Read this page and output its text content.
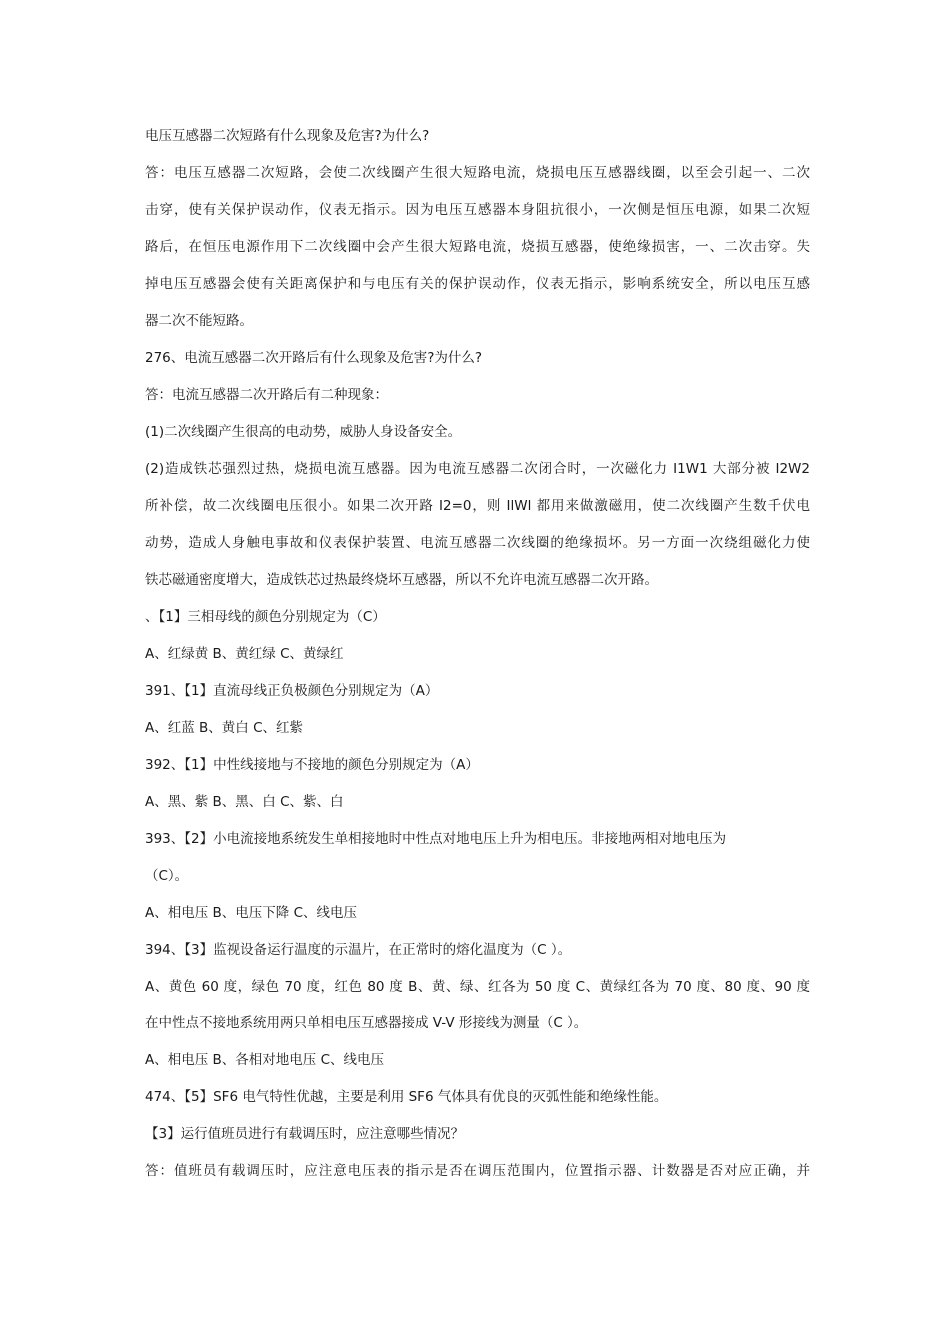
电压互感器二次短路有什么现象及危害?为什么?
答：电压互感器二次短路，会使二次线圈产生很大短路电流，烧损电压互感器线圈，以至会引起一、二次
击穿，使有关保护误动作，仪表无指示。因为电压互感器本身阻抗很小，一次侧是恒压电源，如果二次短
路后，在恒压电源作用下二次线圈中会产生很大短路电流，烧损互感器，使绝缘损害，一、二次击穿。失
掉电压互感器会使有关距离保护和与电压有关的保护误动作，仪表无指示，影响系统安全，所以电压互感
器二次不能短路。
276、电流互感器二次开路后有什么现象及危害?为什么?
答：电流互感器二次开路后有二种现象：
(1)二次线圈产生很高的电动势，威胁人身设备安全。
(2)造成铁芯强烈过热，烧损电流互感器。因为电流互感器二次闭合时，一次磁化力 I1W1 大部分被 I2W2
所补偿，故二次线圈电压很小。如果二次开路 I2=0，则 IlWl 都用来做激磁用，使二次线圈产生数千伏电
动势，造成人身触电事故和仪表保护装置、电流互感器二次线圈的绝缘损坏。另一方面一次绕组磁化力使
铁芯磁通密度增大，造成铁芯过热最终烧坏互感器，所以不允许电流互感器二次开路。
、【1】三相母线的颜色分别规定为（C）
A、红绿黄 B、黄红绿 C、黄绿红
391、【1】直流母线正负极颜色分别规定为（A）
A、红蓝 B、黄白 C、红紫
392、【1】中性线接地与不接地的颜色分别规定为（A）
A、黑、紫 B、黑、白 C、紫、白
393、【2】小电流接地系统发生单相接地时中性点对地电压上升为相电压。非接地两相对地电压为
（C）。
A、相电压 B、电压下降 C、线电压
394、【3】监视设备运行温度的示温片，在正常时的熔化温度为（C ）。
A、黄色 60 度，绿色 70 度，红色 80 度 B、黄、绿、红各为 50 度 C、黄绿红各为 70 度、80 度、90 度
在中性点不接地系统用两只单相电压互感器接成 V-V 形接线为测量（C ）。
A、相电压 B、各相对地电压 C、线电压
474、【5】SF6 电气特性优越，主要是利用 SF6 气体具有优良的灭弧性能和绝缘性能。
【3】运行值班员进行有载调压时，应注意哪些情况？
答：值班员有载调压时，应注意电压表的指示是否在调压范围内，位置指示器、计数器是否对应正确，并
